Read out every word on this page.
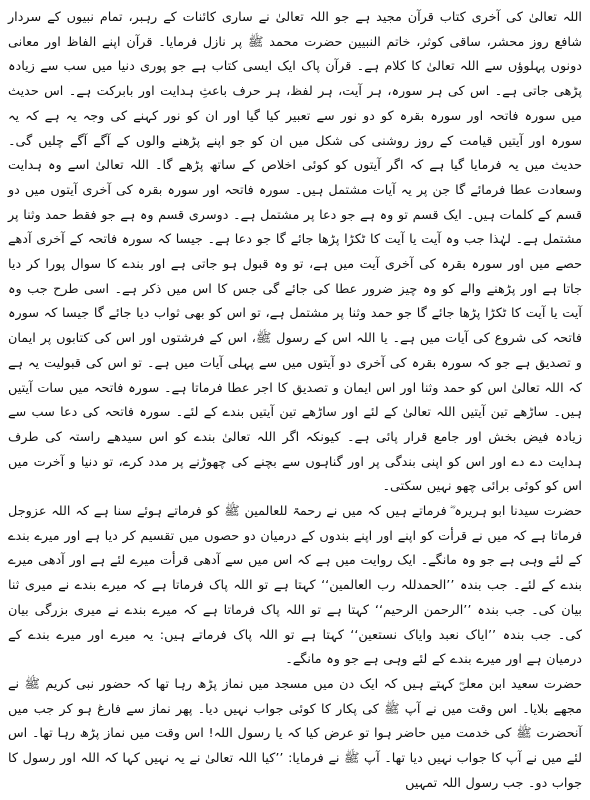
اللہ تعالیٰ کی آخری کتاب قرآن مجید ہے جو اللہ تعالیٰ نے ساری کائنات کے رہبر، تمام نبیوں کے سردار شافع روز محشر، ساقی کوثر، خاتم النبیین حضرت محمد ﷺ پر نازل فرمایا۔ قرآن اپنے الفاظ اور معانی دونوں پہلوؤں سے اللہ تعالیٰ کا کلام ہے۔ قرآن پاک ایک ایسی کتاب ہے جو پوری دنیا میں سب سے زیادہ پڑھی جاتی ہے۔ اس کی ہر سورہ، ہر آیت، ہر لفظ، ہر حرف باعثِ ہدایت اور بابرکت ہے۔ اس حدیث میں سورہ فاتحہ اور سورہ بقرہ کو دو نور سے تعبیر کیا گیا اور ان کو نور کہنے کی وجہ یہ ہے کہ یہ سورہ اور آیتیں قیامت کے روز روشنی کی شکل میں ان کو جو اپنے پڑھنے والوں کے آگے آگے چلیں گی۔ حدیث میں یہ فرمایا گیا ہے کہ اگر آیتوں کو کوئی اخلاص کے ساتھ پڑھے گا۔ اللہ تعالیٰ اسے وہ ہدایت وسعادت عطا فرمائے گا جن پر یہ آیات مشتمل ہیں۔ سورہ فاتحہ اور سورہ بقرہ کی آخری آیتوں میں دو قسم کے کلمات ہیں۔ ایک قسم تو وہ ہے جو دعا پر مشتمل ہے۔ دوسری قسم وہ ہے جو فقط حمد وثنا پر مشتمل ہے۔ لہٰذا جب وہ آیت یا آیت کا ٹکڑا پڑھا جائے گا جو دعا ہے۔ جیسا کہ سورہ فاتحہ کے آخری آدھے حصے میں اور سورہ بقرہ کی آخری آیت میں ہے، تو وہ قبول ہو جاتی ہے اور بندے کا سوال پورا کر دیا جاتا ہے اور پڑھنے والے کو وہ چیز ضرور عطا کی جائے گی جس کا اس میں ذکر ہے۔ اسی طرح جب وہ آیت یا آیت کا ٹکڑا پڑھا جائے گا جو حمد وثنا پر مشتمل ہے، تو اس کو بھی ثواب دیا جائے گا جیسا کہ سورہ فاتحہ کی شروع کی آیات میں ہے۔ یا اللہ اس کے رسول ﷺ، اس کے فرشتوں اور اس کی کتابوں پر ایمان و تصدیق ہے جو کہ سورہ بقرہ کی آخری دو آیتوں میں سے پہلی آیات میں ہے۔ تو اس کی قبولیت یہ ہے کہ اللہ تعالیٰ اس کو حمد وثنا اور اس ایمان و تصدیق کا اجر عطا فرماتا ہے۔ سورہ فاتحہ میں سات آیتیں ہیں۔ ساڑھے تین آیتیں اللہ تعالیٰ کے لئے اور ساڑھے تین آیتیں بندے کے لئے۔ سورہ فاتحہ کی دعا سب سے زیادہ فیض بخش اور جامع قرار پائی ہے۔ کیونکہ اگر اللہ تعالیٰ بندے کو اس سیدھے راستہ کی طرف ہدایت دے دے اور اس کو اپنی بندگی پر اور گناہوں سے بچنے کی چھوڑنے پر مدد کرے، تو دنیا و آخرت میں اس کو کوئی برائی چھو نہیں سکتی۔

حضرت سیدنا ابو ہریرہ ؓ فرماتے ہیں کہ میں نے رحمۃ للعالمین ﷺ کو فرماتے ہوئے سنا ہے کہ اللہ عزوجل فرماتا ہے کہ میں نے قرأت کو اپنے اور اپنے بندوں کے درمیان دو حصوں میں تقسیم کر دیا ہے اور میرے بندے کے لئے وہی ہے جو وہ مانگے۔ ایک روایت میں ہے کہ اس میں سے آدھی قرأت میرے لئے ہے اور آدھی میرے بندے کے لئے۔ جب بندہ ’’الحمدللہ رب العالمین‘‘ کہتا ہے تو اللہ پاک فرماتا ہے کہ میرے بندے نے میری ثنا بیان کی۔ جب بندہ ’’الرحمن الرحیم‘‘ کہتا ہے تو اللہ پاک فرماتا ہے کہ میرے بندے نے میری بزرگی بیان کی۔ جب بندہ ’’ایاک نعبد وایاک نستعین‘‘ کہتا ہے تو اللہ پاک فرماتے ہیں: یہ میرے اور میرے بندے کے درمیان ہے اور میرے بندے کے لئے وہی ہے جو وہ مانگے۔

حضرت سعید ابن معلیؓ کہتے ہیں کہ ایک دن میں مسجد میں نماز پڑھ رہا تھا کہ حضور نبی کریم ﷺ نے مجھے بلایا۔ اس وقت میں نے آپ ﷺ کی پکار کا کوئی جواب نہیں دیا۔ پھر نماز سے فارغ ہو کر جب میں آنحضرت ﷺ کی خدمت میں حاضر ہوا تو عرض کیا کہ یا رسول اللہ! اس وقت میں نماز پڑھ رہا تھا۔ اس لئے میں نے آپ کا جواب نہیں دیا تھا۔ آپ ﷺ نے فرمایا: ’’کیا اللہ تعالیٰ نے یہ نہیں کہا کہ اللہ اور رسول کا جواب دو۔ جب رسول اللہ تمہیں
